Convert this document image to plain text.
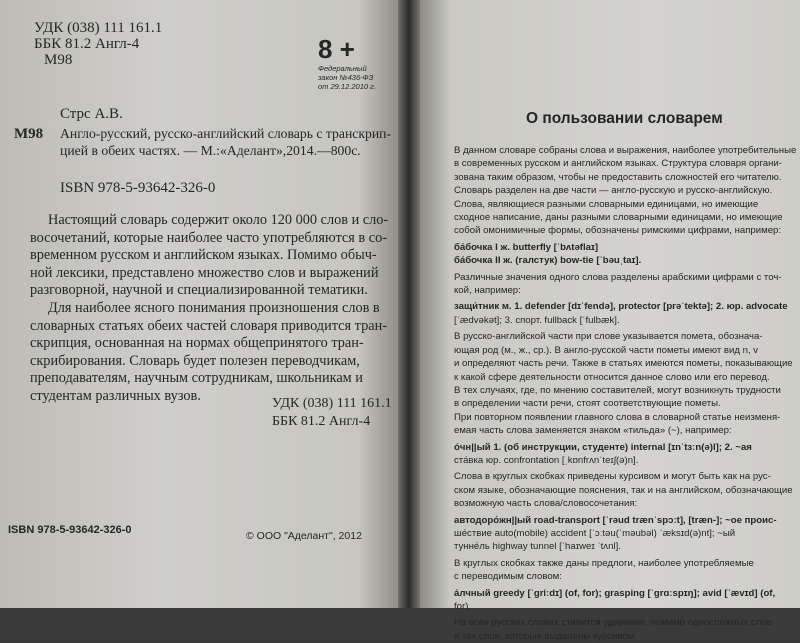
УДК (038) 111 161.1
ББК 81.2 Англ-4
М98	8 +
Федеральный
закон №436-ФЗ
от 29.12.2010 г.
Стрс А.В.
М98 Англо-русский, русско-английский словарь с транскрип-
цией в обеих частях. — М.:«Аделант»,2014.—800с.
ISBN 978-5-93642-326-0
Настоящий словарь содержит около 120 000 слов и сло-
восочетаний, которые наиболее часто употребляются в со-
временном русском и английском языках. Помимо обыч-
ной лексики, представлено множество слов и выражений
разговорной, научной и специализированной тематики.
Для наиболее ясного понимания произношения слов в
словарных статьях обеих частей словаря приводится тран-
скрипция, основанная на нормах общепринятого тран-
скрибирования. Словарь будет полезен переводчикам,
преподавателям, научным сотрудникам, школьникам и
студентам различных вузов.	УДК (038) 111 161.1
ББК 81.2 Англ-4
ISBN 978-5-93642-326-0	© ООО "Аделант", 2012
О пользовании словарем
В данном словаре собраны слова и выражения, наиболее употребительные
в современных русском и английском языках. Структура словаря органи-
зована таким образом, чтобы не предоставить сложностей его читателю.
Словарь разделен на две части — англо-русскую и русско-английскую.
Слова, являющиеся разными словарными единицами, но имеющие
сходное написание, даны разными словарными единицами, но имеющие
собой омонимичные формы, обозначены римскими цифрами, например:
ба́бочка I ж. butterfly [ˈbʌtəflaɪ]
ба́бочка II ж. (галстук) bow-tie [ˈbəuˌtaɪ].
Различные значения одного слова разделены арабскими цифрами с точ-
кой, например:
защи́тник м. 1. defender [dɪˈfendə], protector [prəˈtektə]; 2. юр. advocate
[ˈædvəkət]; 3. спорт. fullback [ˈfulbæk].
В русско-английской части при слове указывается помета, обознача-
ющая род (м., ж., ср.). В англо-русской части пометы имеют вид n, v
и определяют часть речи. Также в статьях имеются пометы, показывающие
к какой сфере деятельности относится данное слово или его перевод.
В тех случаях, где, по мнению составителей, могут возникнуть трудности
в определении части речи, стоят соответствующие пометы.
При повторном появлении главного слова в словарной статье неизменя-
емая часть слова заменяется знаком «тильда» (~), например:
о́чн||ый 1. (об инструкции, студенте) internal [ɪnˈtɜːn(ə)l]; 2. ~ая
ста́вка юр. confrontation [ˌkɒnfrʌnˈteɪʃ(ə)n].
Слова в круглых скобках приведены курсивом и могут быть как на рус-
ском языке, обозначающие пояснения, так и на английском, обозначающие
возможную часть слова/словосочетания:
автодоро́жн||ый road-transport [ˈrəud trænˈspɔːt], [træn-]; ~ое проис-
ше́ствие auto(mobile) accident [ˈɔːtəu(ˈməubəl) ˈæksɪd(ə)nt]; ~ый
тунне́ль highway tunnel [ˈhaɪweɪ ˈtʌnl].
В круглых скобках также даны предлоги, наиболее употребляемые
с переводимым словом:
а́лчный greedy [ˈɡriːdɪ] (of, for); grasping [ˈɡrɑːspɪŋ]; avid [ˈævɪd] (of,
for).
На всех русских словах ставится ударение, помимо односложных слов
и тех слов, которые выделены курсивом.
